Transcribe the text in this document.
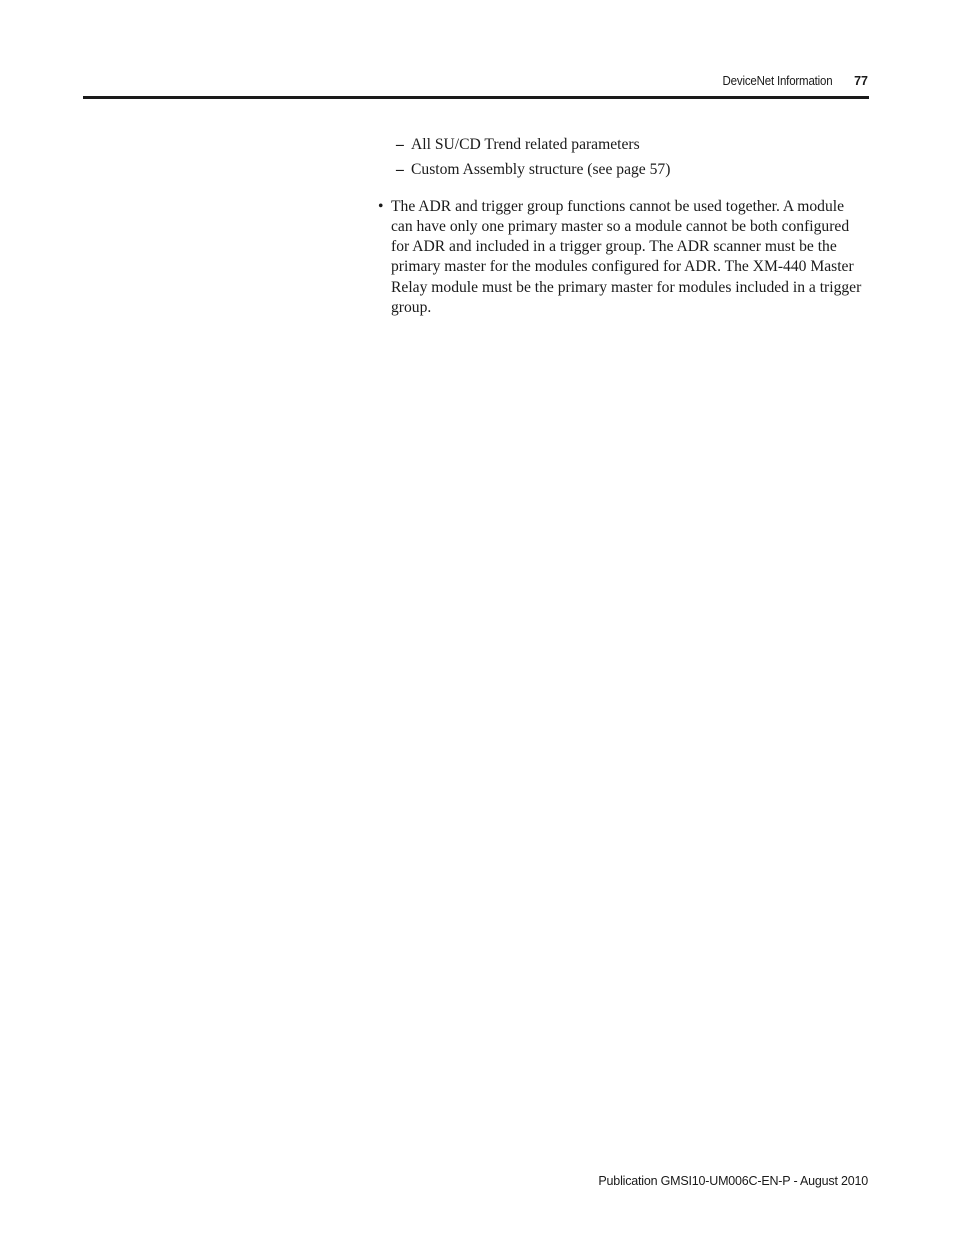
DeviceNet Information 77
– All SU/CD Trend related parameters
– Custom Assembly structure (see page 57)
• The ADR and trigger group functions cannot be used together. A module can have only one primary master so a module cannot be both configured for ADR and included in a trigger group. The ADR scanner must be the primary master for the modules configured for ADR. The XM-440 Master Relay module must be the primary master for modules included in a trigger group.
Publication GMSI10-UM006C-EN-P - August 2010
